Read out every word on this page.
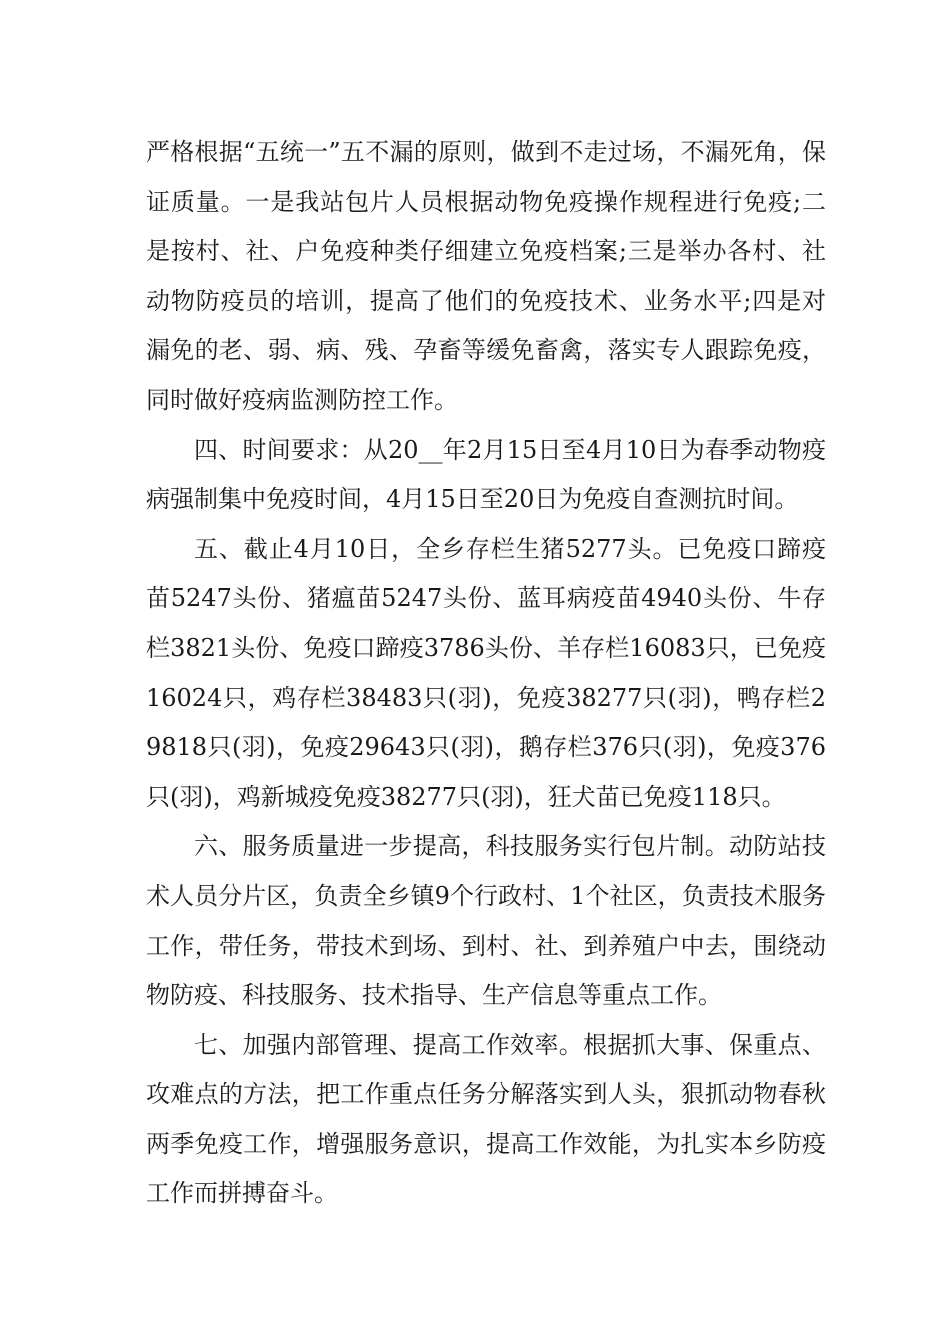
严格根据“五统一”五不漏的原则，做到不走过场，不漏死角，保证质量。一是我站包片人员根据动物免疫操作规程进行免疫;二是按村、社、户免疫种类仔细建立免疫档案;三是举办各村、社动物防疫员的培训，提高了他们的免疫技术、业务水平;四是对漏免的老、弱、病、残、孕畜等缓免畜禽，落实专人跟踪免疫，同时做好疫病监测防控工作。

四、时间要求：从20__年2月15日至4月10日为春季动物疫病强制集中免疫时间，4月15日至20日为免疫自查测抗时间。

五、截止4月10日，全乡存栏生猪5277头。已免疫口蹄疫苗5247头份、猪瘟苗5247头份、蓝耳病疫苗4940头份、牛存栏3821头份、免疫口蹄疫3786头份、羊存栏16083只，已免疫16024只，鸡存栏38483只(羽)，免疫38277只(羽)，鸭存栏29818只(羽)，免疫29643只(羽)，鹅存栏376只(羽)，免疫376只(羽)，鸡新城疫免疫38277只(羽)，狂犬苗已免疫118只。

六、服务质量进一步提高，科技服务实行包片制。动防站技术人员分片区，负责全乡镇9个行政村、1个社区，负责技术服务工作，带任务，带技术到场、到村、社、到养殖户中去，围绕动物防疫、科技服务、技术指导、生产信息等重点工作。

七、加强内部管理、提高工作效率。根据抓大事、保重点、攻难点的方法，把工作重点任务分解落实到人头，狠抓动物春秋两季免疫工作，增强服务意识，提高工作效能，为扎实本乡防疫工作而拼搏奋斗。
